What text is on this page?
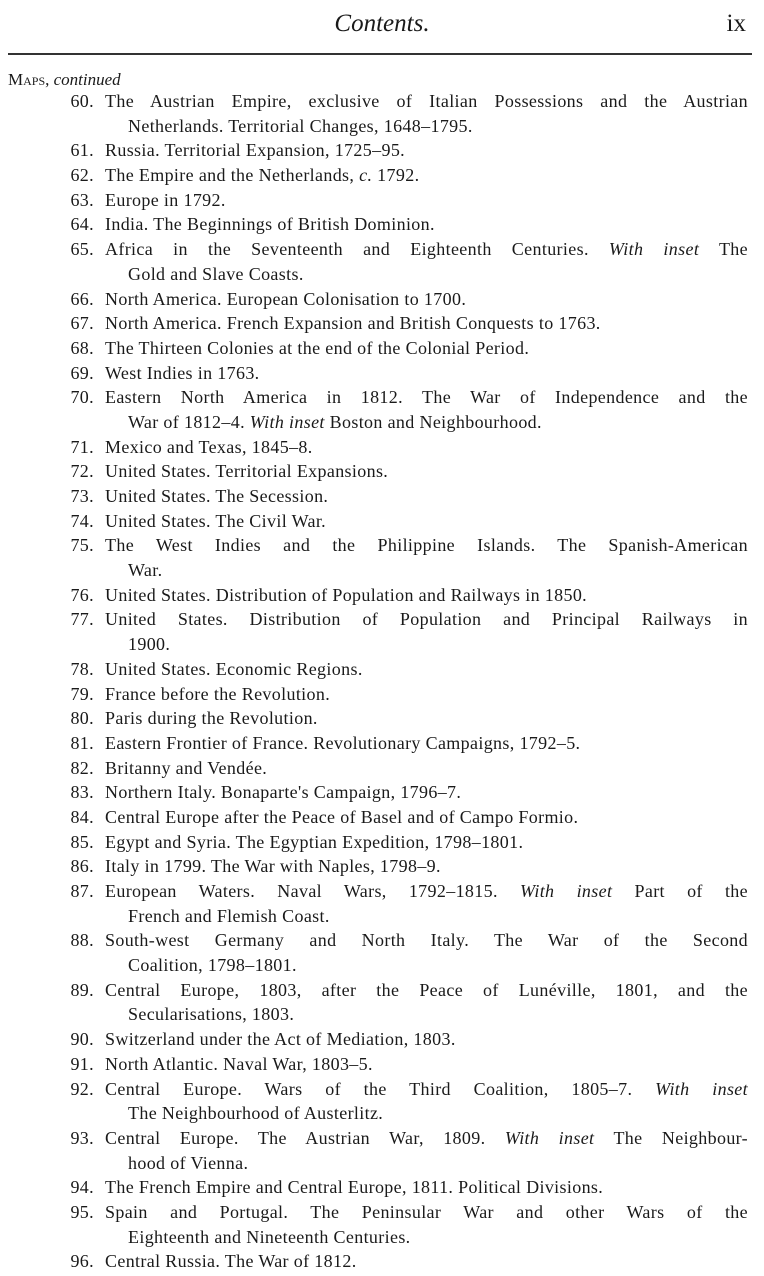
Contents.	ix
Maps, continued
60. The Austrian Empire, exclusive of Italian Possessions and the Austrian
Netherlands. Territorial Changes, 1648–1795.
61. Russia. Territorial Expansion, 1725–95.
62. The Empire and the Netherlands, c. 1792.
63. Europe in 1792.
64. India. The Beginnings of British Dominion.
65. Africa in the Seventeenth and Eighteenth Centuries. With inset The
Gold and Slave Coasts.
66. North America. European Colonisation to 1700.
67. North America. French Expansion and British Conquests to 1763.
68. The Thirteen Colonies at the end of the Colonial Period.
69. West Indies in 1763.
70. Eastern North America in 1812. The War of Independence and the
War of 1812–4. With inset Boston and Neighbourhood.
71. Mexico and Texas, 1845–8.
72. United States. Territorial Expansions.
73. United States. The Secession.
74. United States. The Civil War.
75. The West Indies and the Philippine Islands. The Spanish-American
War.
76. United States. Distribution of Population and Railways in 1850.
77. United States. Distribution of Population and Principal Railways in
1900.
78. United States. Economic Regions.
79. France before the Revolution.
80. Paris during the Revolution.
81. Eastern Frontier of France. Revolutionary Campaigns, 1792–5.
82. Britanny and Vendée.
83. Northern Italy. Bonaparte's Campaign, 1796–7.
84. Central Europe after the Peace of Basel and of Campo Formio.
85. Egypt and Syria. The Egyptian Expedition, 1798–1801.
86. Italy in 1799. The War with Naples, 1798–9.
87. European Waters. Naval Wars, 1792–1815. With inset Part of the
French and Flemish Coast.
88. South-west Germany and North Italy. The War of the Second
Coalition, 1798–1801.
89. Central Europe, 1803, after the Peace of Lunéville, 1801, and the
Secularisations, 1803.
90. Switzerland under the Act of Mediation, 1803.
91. North Atlantic. Naval War, 1803–5.
92. Central Europe. Wars of the Third Coalition, 1805–7. With inset
The Neighbourhood of Austerlitz.
93. Central Europe. The Austrian War, 1809. With inset The Neighbour-
hood of Vienna.
94. The French Empire and Central Europe, 1811. Political Divisions.
95. Spain and Portugal. The Peninsular War and other Wars of the
Eighteenth and Nineteenth Centuries.
96. Central Russia. The War of 1812.
